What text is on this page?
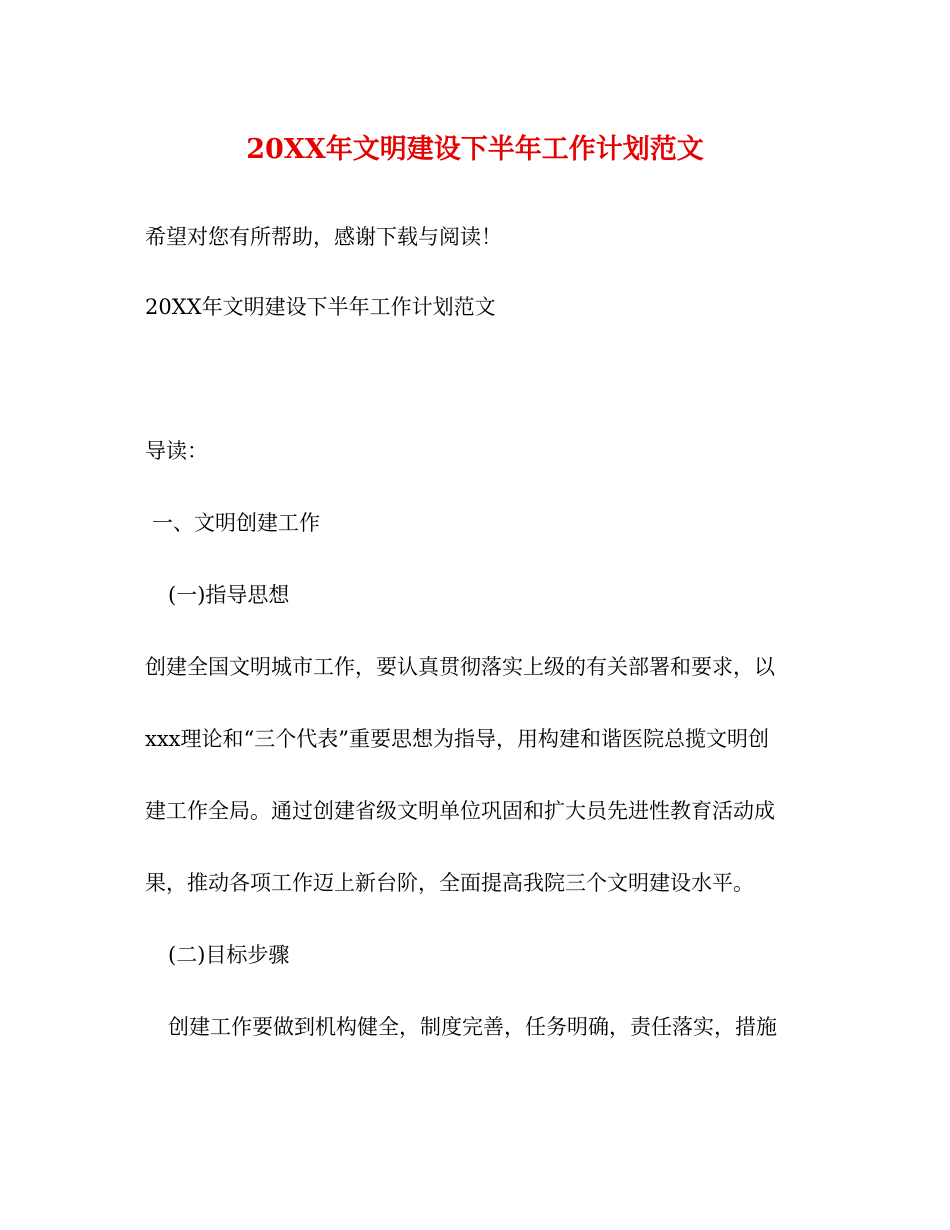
20XX年文明建设下半年工作计划范文
希望对您有所帮助，感谢下载与阅读！
20XX年文明建设下半年工作计划范文
导读：
一、文明创建工作
(一)指导思想
创建全国文明城市工作，要认真贯彻落实上级的有关部署和要求，以
xxx理论和“三个代表”重要思想为指导，用构建和谐医院总揽文明创
建工作全局。通过创建省级文明单位巩固和扩大员先进性教育活动成
果，推动各项工作迈上新台阶，全面提高我院三个文明建设水平。
(二)目标步骤
创建工作要做到机构健全，制度完善，任务明确，责任落实，措施
